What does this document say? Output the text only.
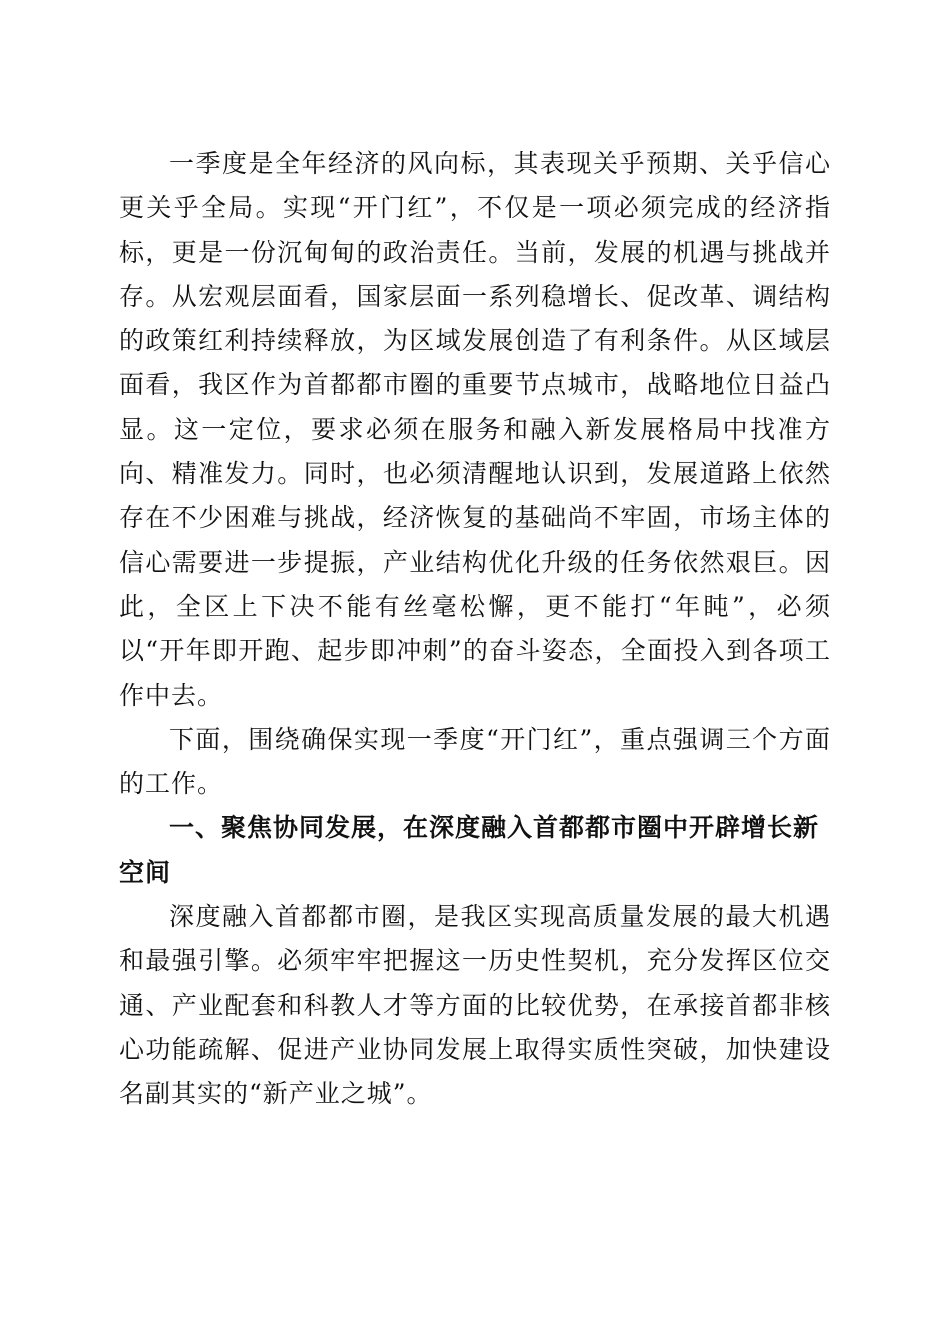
一季度是全年经济的风向标，其表现关乎预期、关乎信心更关乎全局。实现“开门红”，不仅是一项必须完成的经济指标，更是一份沉甸甸的政治责任。当前，发展的机遇与挑战并存。从宏观层面看，国家层面一系列稳增长、促改革、调结构的政策红利持续释放，为区域发展创造了有利条件。从区域层面看，我区作为首都都市圈的重要节点城市，战略地位日益凸显。这一定位，要求必须在服务和融入新发展格局中找准方向、精准发力。同时，也必须清醒地认识到，发展道路上依然存在不少困难与挑战，经济恢复的基础尚不牢固，市场主体的信心需要进一步提振，产业结构优化升级的任务依然艰巨。因此，全区上下决不能有丝毫松懈，更不能打“年盹”，必须以“开年即开跑、起步即冲刺”的奋斗姿态，全面投入到各项工作中去。

下面，围绕确保实现一季度“开门红”，重点强调三个方面的工作。

一、聚焦协同发展，在深度融入首都都市圈中开辟增长新空间

深度融入首都都市圈，是我区实现高质量发展的最大机遇和最强引擎。必须牢牢把握这一历史性契机，充分发挥区位交通、产业配套和科教人才等方面的比较优势，在承接首都非核心功能疏解、促进产业协同发展上取得实质性突破，加快建设名副其实的“新产业之城”。
